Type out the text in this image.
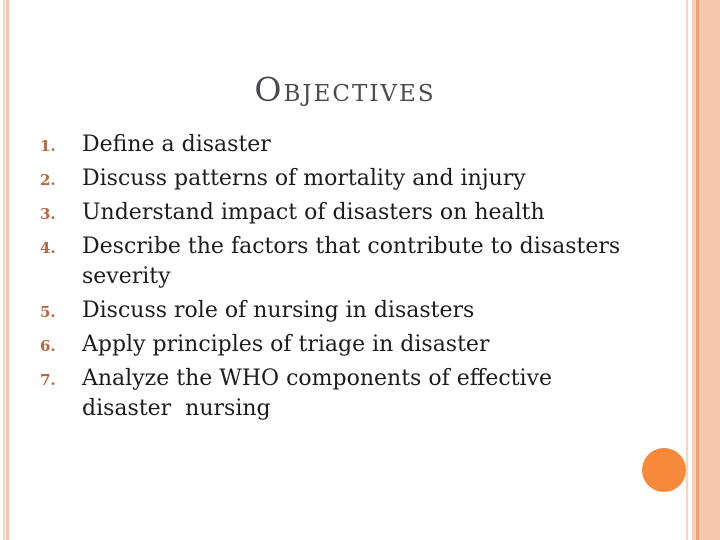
Objectives
1.	Define a disaster
2.	Discuss patterns of mortality and injury
3.	Understand impact of disasters on health
4.	Describe the factors that contribute to disasters
severity
5.	Discuss role of nursing in disasters
6.	Apply principles of triage in disaster
7.	Analyze the WHO components of effective
disaster  nursing
